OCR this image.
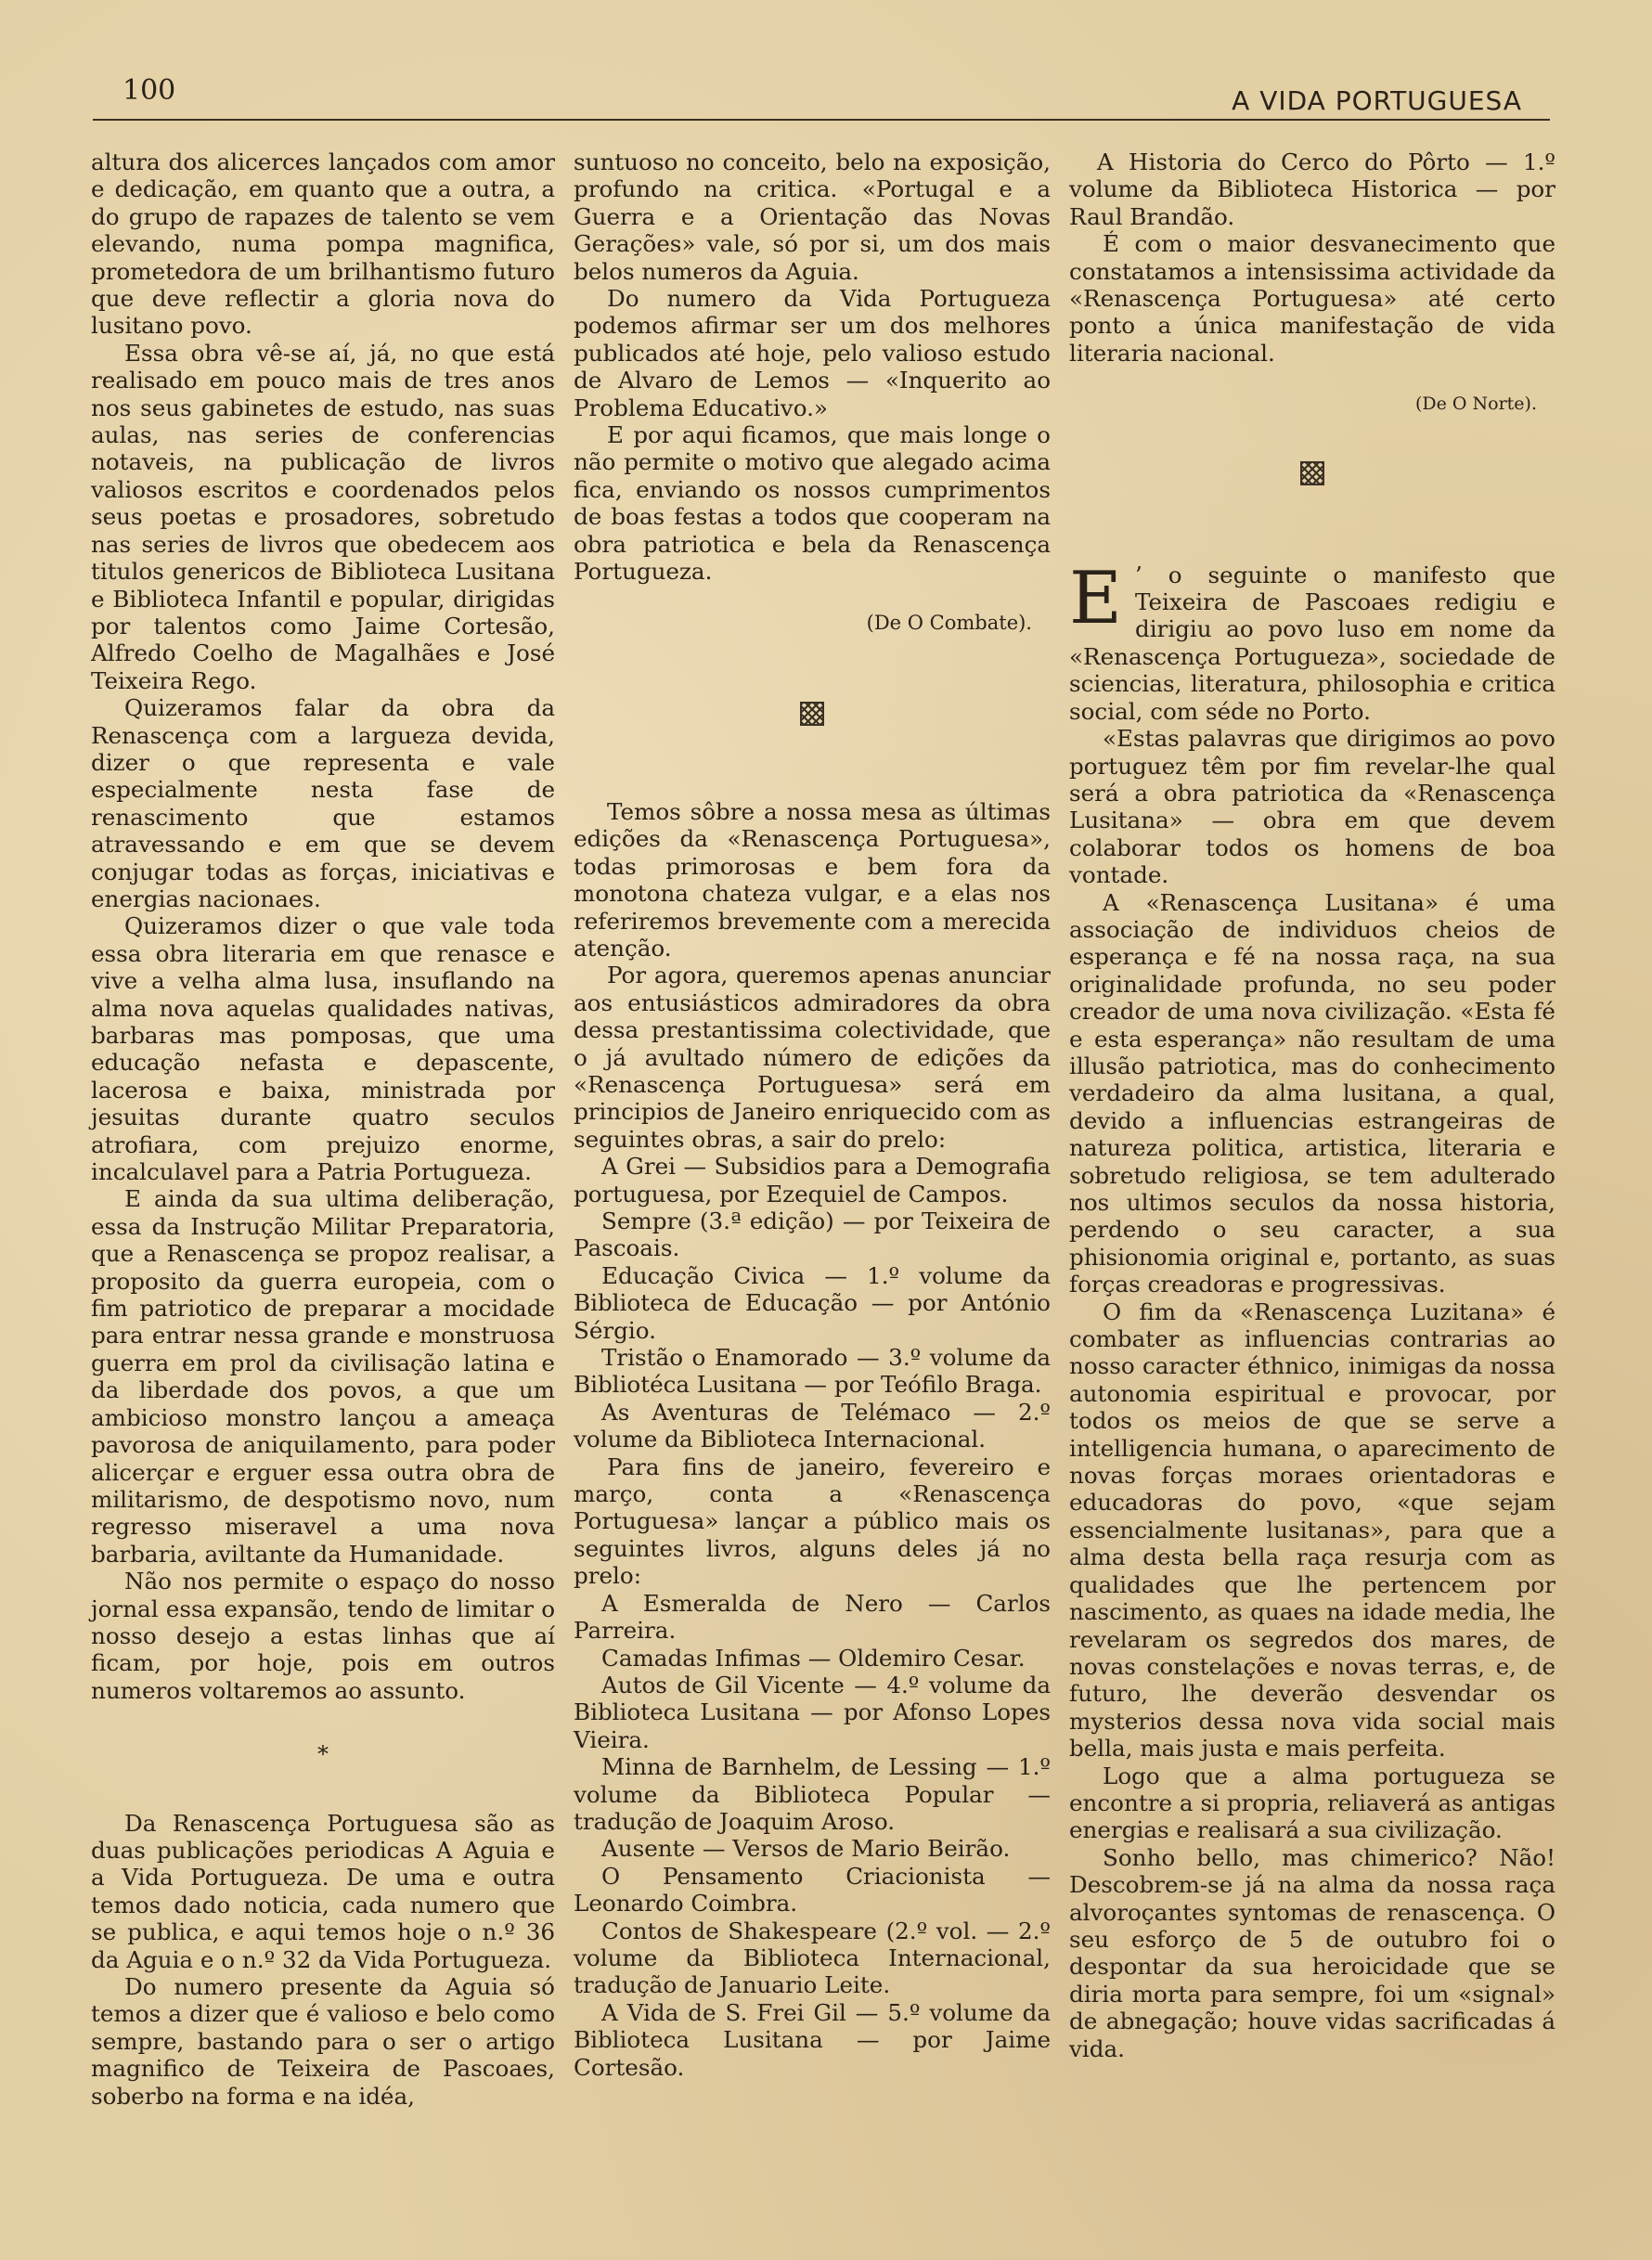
100	A VIDA PORTUGUESA

altura dos alicerces lançados com amor e dedicação, em quanto que a outra, a do grupo de rapazes de talento se vem elevando, numa pompa magnifica, prometedora de um brilhantismo futuro que deve reflectir a gloria nova do lusitano povo.

Essa obra vê-se aí, já, no que está realisado em pouco mais de tres anos nos seus gabinetes de estudo, nas suas aulas, nas series de conferencias notaveis, na publicação de livros valiosos escritos e coordenados pelos seus poetas e prosadores, sobretudo nas series de livros que obedecem aos titulos genericos de Biblioteca Lusitana e Biblioteca Infantil e popular, dirigidas por talentos como Jaime Cortesão, Alfredo Coelho de Magalhães e José Teixeira Rego.

Quizeramos falar da obra da Renascença com a largueza devida, dizer o que representa e vale especialmente nesta fase de renascimento que estamos atravessando e em que se devem conjugar todas as forças, iniciativas e energias nacionaes.

Quizeramos dizer o que vale toda essa obra literaria em que renasce e vive a velha alma lusa, insuflando na alma nova aquelas qualidades nativas, barbaras mas pomposas, que uma educação nefasta e depascente, lacerosa e baixa, ministrada por jesuitas durante quatro seculos atrofiara, com prejuizo enorme, incalculavel para a Patria Portugueza.

E ainda da sua ultima deliberação, essa da Instrução Militar Preparatoria, que a Renascença se propoz realisar, a proposito da guerra europeia, com o fim patriotico de preparar a mocidade para entrar nessa grande e monstruosa guerra em prol da civilisação latina e da liberdade dos povos, a que um ambicioso monstro lançou a ameaça pavorosa de aniquilamento, para poder alicerçar e erguer essa outra obra de militarismo, de despotismo novo, num regresso miseravel a uma nova barbaria, aviltante da Humanidade.

Não nos permite o espaço do nosso jornal essa expansão, tendo de limitar o nosso desejo a estas linhas que aí ficam, por hoje, pois em outros numeros voltaremos ao assunto.

*

Da Renascença Portuguesa são as duas publicações periodicas A Aguia e a Vida Portugueza. De uma e outra temos dado noticia, cada numero que se publica, e aqui temos hoje o n.º 36 da Aguia e o n.º 32 da Vida Portugueza.

Do numero presente da Aguia só temos a dizer que é valioso e belo como sempre, bastando para o ser o artigo magnifico de Teixeira de Pascoaes, soberbo na forma e na idéa,

suntuoso no conceito, belo na exposição, profundo na critica. «Portugal e a Guerra e a Orientação das Novas Gerações» vale, só por si, um dos mais belos numeros da Aguia.

Do numero da Vida Portugueza podemos afirmar ser um dos melhores publicados até hoje, pelo valioso estudo de Alvaro de Lemos — «Inquerito ao Problema Educativo.»

E por aqui ficamos, que mais longe o não permite o motivo que alegado acima fica, enviando os nossos cumprimentos de boas festas a todos que cooperam na obra patriotica e bela da Renascença Portugueza.

(De O Combate).

Temos sôbre a nossa mesa as últimas edições da «Renascença Portuguesa», todas primorosas e bem fora da monotona chateza vulgar, e a elas nos referiremos brevemente com a merecida atenção.

Por agora, queremos apenas anunciar aos entusiásticos admiradores da obra dessa prestantissima colectividade, que o já avultado número de edições da «Renascença Portuguesa» será em principios de Janeiro enriquecido com as seguintes obras, a sair do prelo:

A Grei — Subsidios para a Demografia portuguesa, por Ezequiel de Campos.

Sempre (3.ª edição) — por Teixeira de Pascoais.

Educação Civica — 1.º volume da Biblioteca de Educação — por António Sérgio.

Tristão o Enamorado — 3.º volume da Bibliotéca Lusitana — por Teófilo Braga.

As Aventuras de Telémaco — 2.º volume da Biblioteca Internacional.

Para fins de janeiro, fevereiro e março, conta a «Renascença Portuguesa» lançar a público mais os seguintes livros, alguns deles já no prelo:

A Esmeralda de Nero — Carlos Parreira.

Camadas Infimas — Oldemiro Cesar.

Autos de Gil Vicente — 4.º volume da Biblioteca Lusitana — por Afonso Lopes Vieira.

Minna de Barnhelm, de Lessing — 1.º volume da Biblioteca Popular — tradução de Joaquim Aroso.

Ausente — Versos de Mario Beirão.

O Pensamento Criacionista — Leonardo Coimbra.

Contos de Shakespeare (2.º vol. — 2.º volume da Biblioteca Internacional, tradução de Januario Leite.

A Vida de S. Frei Gil — 5.º volume da Biblioteca Lusitana — por Jaime Cortesão.

A Historia do Cerco do Pôrto — 1.º volume da Biblioteca Historica — por Raul Brandão.

É com o maior desvanecimento que constatamos a intensissima actividade da «Renascença Portuguesa» até certo ponto a única manifestação de vida literaria nacional.

(De O Norte).

E ’ o seguinte o manifesto que Teixeira de Pascoaes redigiu e dirigiu ao povo luso em nome da «Renascença Portugueza», sociedade de sciencias, literatura, philosophia e critica social, com séde no Porto.

«Estas palavras que dirigimos ao povo portuguez têm por fim revelar-lhe qual será a obra patriotica da «Renascença Lusitana» — obra em que devem colaborar todos os homens de boa vontade.

A «Renascença Lusitana» é uma associação de individuos cheios de esperança e fé na nossa raça, na sua originalidade profunda, no seu poder creador de uma nova civilização. «Esta fé e esta esperança» não resultam de uma illusão patriotica, mas do conhecimento verdadeiro da alma lusitana, a qual, devido a influencias estrangeiras de natureza politica, artistica, literaria e sobretudo religiosa, se tem adulterado nos ultimos seculos da nossa historia, perdendo o seu caracter, a sua phisionomia original e, portanto, as suas forças creadoras e progressivas.

O fim da «Renascença Luzitana» é combater as influencias contrarias ao nosso caracter éthnico, inimigas da nossa autonomia espiritual e provocar, por todos os meios de que se serve a intelligencia humana, o aparecimento de novas forças moraes orientadoras e educadoras do povo, «que sejam essencialmente lusitanas», para que a alma desta bella raça resurja com as qualidades que lhe pertencem por nascimento, as quaes na idade media, lhe revelaram os segredos dos mares, de novas constelações e novas terras, e, de futuro, lhe deverão desvendar os mysterios dessa nova vida social mais bella, mais justa e mais perfeita.

Logo que a alma portugueza se encontre a si propria, reliaverá as antigas energias e realisará a sua civilização.

Sonho bello, mas chimerico? Não! Descobrem-se já na alma da nossa raça alvoroçantes syntomas de renascença. O seu esforço de 5 de outubro foi o despontar da sua heroicidade que se diria morta para sempre, foi um «signal» de abnegação; houve vidas sacrificadas á vida.
